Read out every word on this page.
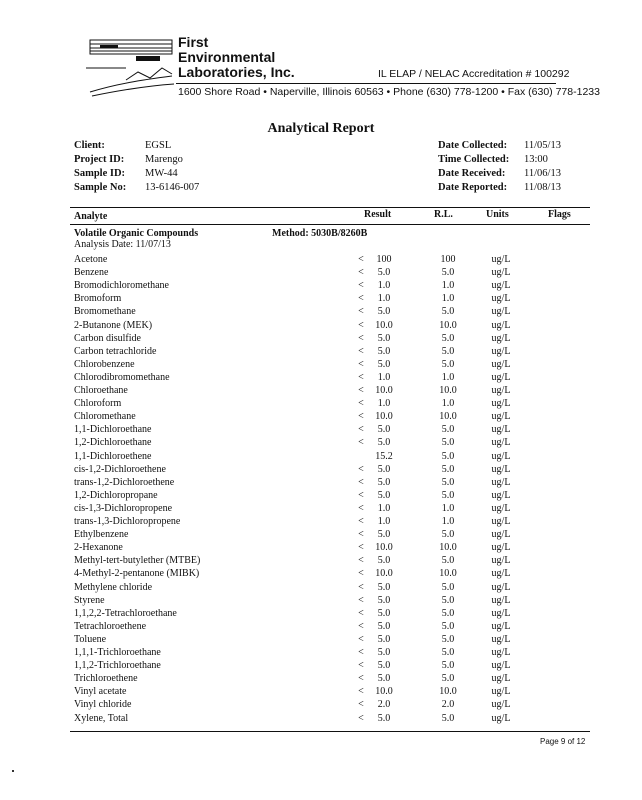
First
Environmental
Laboratories, Inc.	IL ELAP / NELAC Accreditation # 100292
1600 Shore Road • Naperville, Illinois 60563 • Phone (630) 778-1200 • Fax (630) 778-1233
Analytical Report
Client:	EGSL
Project ID: Marengo
Sample ID: MW-44
Sample No: 13-6146-007
Date Collected: 11/05/13
Time Collected: 13:00
Date Received: 11/06/13
Date Reported: 11/08/13
Analyte	Result	R.L.	Units	Flags
Volatile Organic Compounds	Method: 5030B/8260B
Analysis Date: 11/07/13
Acetone	<	100	100	ug/L
Benzene	<	5.0	5.0	ug/L
Bromodichloromethane	<	1.0	1.0	ug/L
Bromoform	<	1.0	1.0	ug/L
Bromomethane	<	5.0	5.0	ug/L
2-Butanone (MEK)	<	10.0	10.0	ug/L
Carbon disulfide	<	5.0	5.0	ug/L
Carbon tetrachloride	<	5.0	5.0	ug/L
Chlorobenzene	<	5.0	5.0	ug/L
Chlorodibromomethane	<	1.0	1.0	ug/L
Chloroethane	<	10.0	10.0	ug/L
Chloroform	<	1.0	1.0	ug/L
Chloromethane	<	10.0	10.0	ug/L
1,1-Dichloroethane	<	5.0	5.0	ug/L
1,2-Dichloroethane	<	5.0	5.0	ug/L
1,1-Dichloroethene	15.2	5.0	ug/L
cis-1,2-Dichloroethene	<	5.0	5.0	ug/L
trans-1,2-Dichloroethene	<	5.0	5.0	ug/L
1,2-Dichloropropane	<	5.0	5.0	ug/L
cis-1,3-Dichloropropene	<	1.0	1.0	ug/L
trans-1,3-Dichloropropene	<	1.0	1.0	ug/L
Ethylbenzene	<	5.0	5.0	ug/L
2-Hexanone	<	10.0	10.0	ug/L
Methyl-tert-butylether (MTBE)	<	5.0	5.0	ug/L
4-Methyl-2-pentanone (MIBK)	<	10.0	10.0	ug/L
Methylene chloride	<	5.0	5.0	ug/L
Styrene	<	5.0	5.0	ug/L
1,1,2,2-Tetrachloroethane	<	5.0	5.0	ug/L
Tetrachloroethene	<	5.0	5.0	ug/L
Toluene	<	5.0	5.0	ug/L
1,1,1-Trichloroethane	<	5.0	5.0	ug/L
1,1,2-Trichloroethane	<	5.0	5.0	ug/L
Trichloroethene	<	5.0	5.0	ug/L
Vinyl acetate	<	10.0	10.0	ug/L
Vinyl chloride	<	2.0	2.0	ug/L
Xylene, Total	<	5.0	5.0	ug/L
Page 9 of 12
